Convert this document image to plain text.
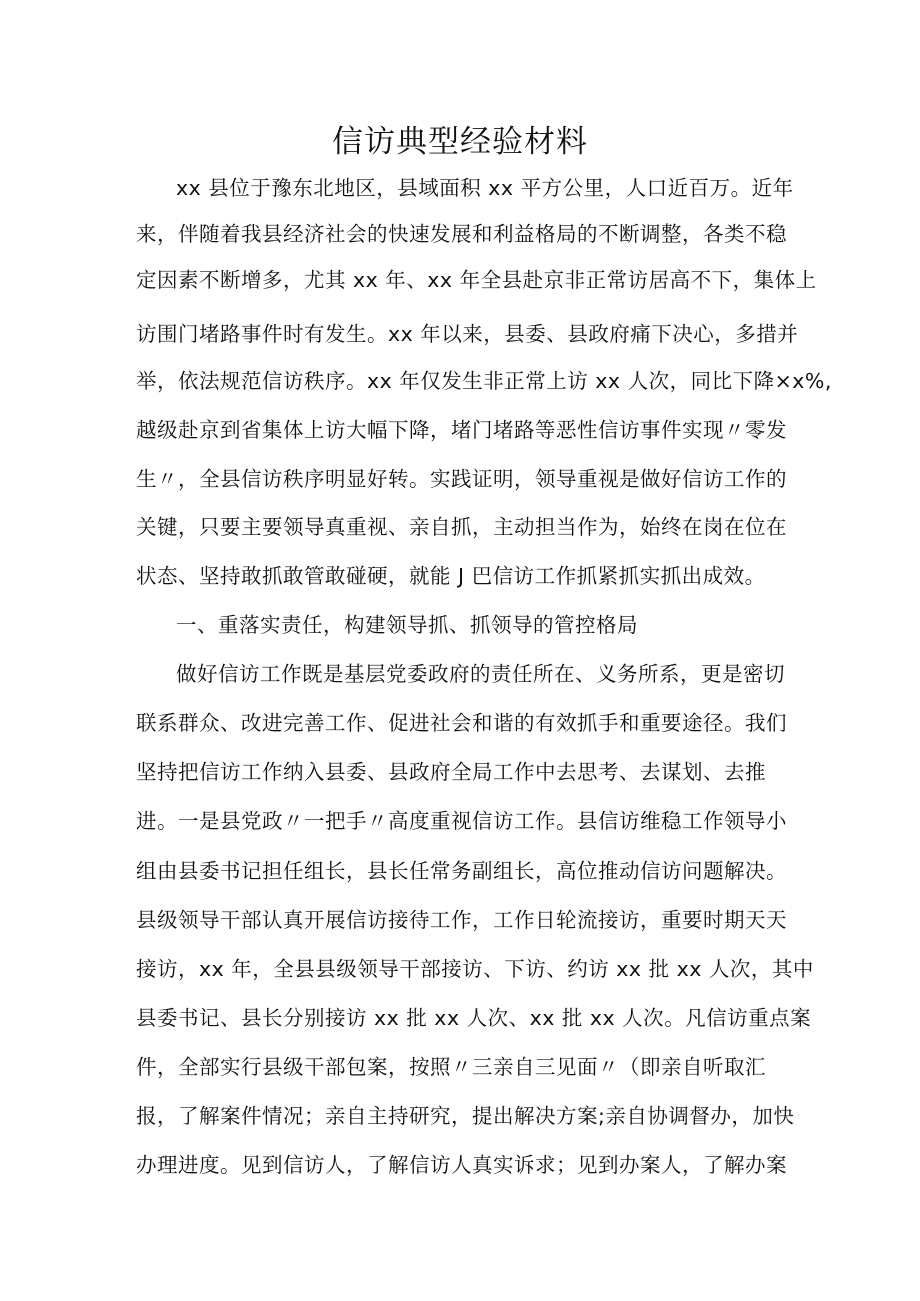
信访典型经验材料
xx 县位于豫东北地区，县域面积 xx 平方公里，人口近百万。近年
来，伴随着我县经济社会的快速发展和利益格局的不断调整，各类不稳
定因素不断增多，尤其 xx 年、xx 年全县赴京非正常访居高不下，集体上
访围门堵路事件时有发生。xx 年以来，县委、县政府痛下决心，多措并
举，依法规范信访秩序。xx 年仅发生非正常上访 xx 人次，同比下降×x%,
越级赴京到省集体上访大幅下降，堵门堵路等恶性信访事件实现〃零发
生〃，全县信访秩序明显好转。实践证明，领导重视是做好信访工作的
关键，只要主要领导真重视、亲自抓，主动担当作为，始终在岗在位在
状态、坚持敢抓敢管敢碰硬，就能 J 巴信访工作抓紧抓实抓出成效。
一、重落实责任，构建领导抓、抓领导的管控格局
做好信访工作既是基层党委政府的责任所在、义务所系，更是密切
联系群众、改进完善工作、促进社会和谐的有效抓手和重要途径。我们
坚持把信访工作纳入县委、县政府全局工作中去思考、去谋划、去推
进。一是县党政〃一把手〃高度重视信访工作。县信访维稳工作领导小
组由县委书记担任组长，县长任常务副组长，高位推动信访问题解决。
县级领导干部认真开展信访接待工作，工作日轮流接访，重要时期天天
接访，xx 年，全县县级领导干部接访、下访、约访 xx 批 xx 人次，其中
县委书记、县长分别接访 xx 批 xx 人次、xx 批 xx 人次。凡信访重点案
件，全部实行县级干部包案，按照〃三亲自三见面〃（即亲自听取汇
报，了解案件情况；亲自主持研究，提出解决方案;亲自协调督办，加快
办理进度。见到信访人，了解信访人真实诉求；见到办案人，了解办案
